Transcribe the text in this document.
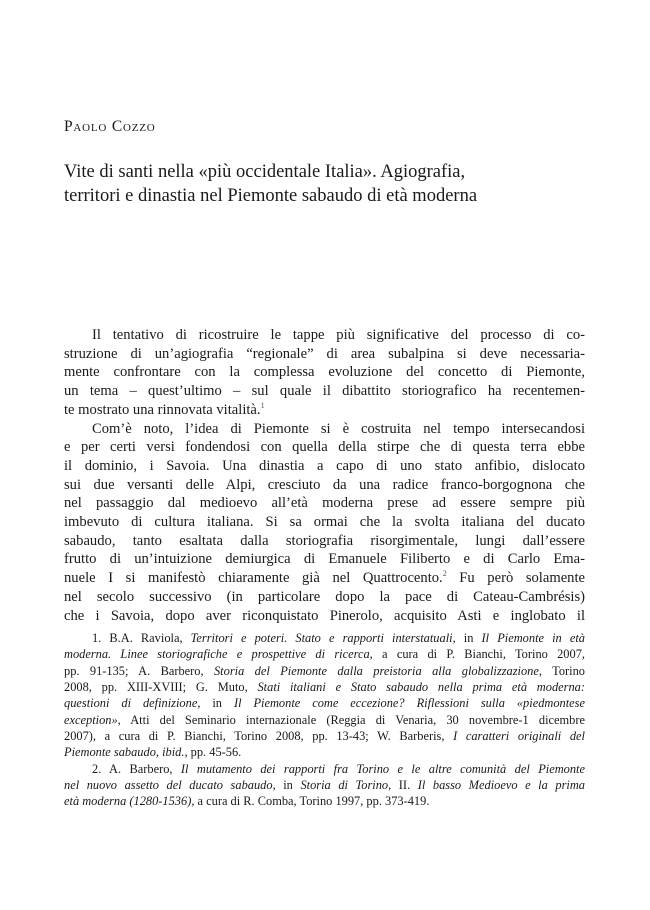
Paolo Cozzo
Vite di santi nella «più occidentale Italia». Agiografia,
territori e dinastia nel Piemonte sabaudo di età moderna
Il tentativo di ricostruire le tappe più significative del processo di co-
struzione di un’agiografia “regionale” di area subalpina si deve necessaria-
mente confrontare con la complessa evoluzione del concetto di Piemonte,
un tema – quest’ultimo – sul quale il dibattito storiografico ha recentemen-
te mostrato una rinnovata vitalità.$^1$
Com’è noto, l’idea di Piemonte si è costruita nel tempo intersecandosi
e per certi versi fondendosi con quella della stirpe che di questa terra ebbe
il dominio, i Savoia. Una dinastia a capo di uno stato anfibio, dislocato
sui due versanti delle Alpi, cresciuto da una radice franco-borgognona che
nel passaggio dal medioevo all’età moderna prese ad essere sempre più
imbevuto di cultura italiana. Si sa ormai che la svolta italiana del ducato
sabaudo, tanto esaltata dalla storiografia risorgimentale, lungi dall’essere
frutto di un’intuizione demiurgica di Emanuele Filiberto e di Carlo Ema-
nuele I si manifestò chiaramente già nel Quattrocento.$^2$ Fu però solamente
nel secolo successivo (in particolare dopo la pace di Cateau-Cambrésis)
che i Savoia, dopo aver riconquistato Pinerolo, acquisito Asti e inglobato il
1. B.A. Raviola, Territori e poteri. Stato e rapporti interstatuali, in Il Piemonte in età
moderna. Linee storiografiche e prospettive di ricerca, a cura di P. Bianchi, Torino 2007,
pp. 91-135; A. Barbero, Storia del Piemonte dalla preistoria alla globalizzazione, Torino
2008, pp. XIII-XVIII; G. Muto, Stati italiani e Stato sabaudo nella prima età moderna:
questioni di definizione, in Il Piemonte come eccezione? Riflessioni sulla «piedmontese
exception», Atti del Seminario internazionale (Reggia di Venaria, 30 novembre-1 dicembre
2007), a cura di P. Bianchi, Torino 2008, pp. 13-43; W. Barberis, I caratteri originali del
Piemonte sabaudo, ibid., pp. 45-56.
2. A. Barbero, Il mutamento dei rapporti fra Torino e le altre comunità del Piemonte
nel nuovo assetto del ducato sabaudo, in Storia di Torino, II. Il basso Medioevo e la prima
età moderna (1280-1536), a cura di R. Comba, Torino 1997, pp. 373-419.
